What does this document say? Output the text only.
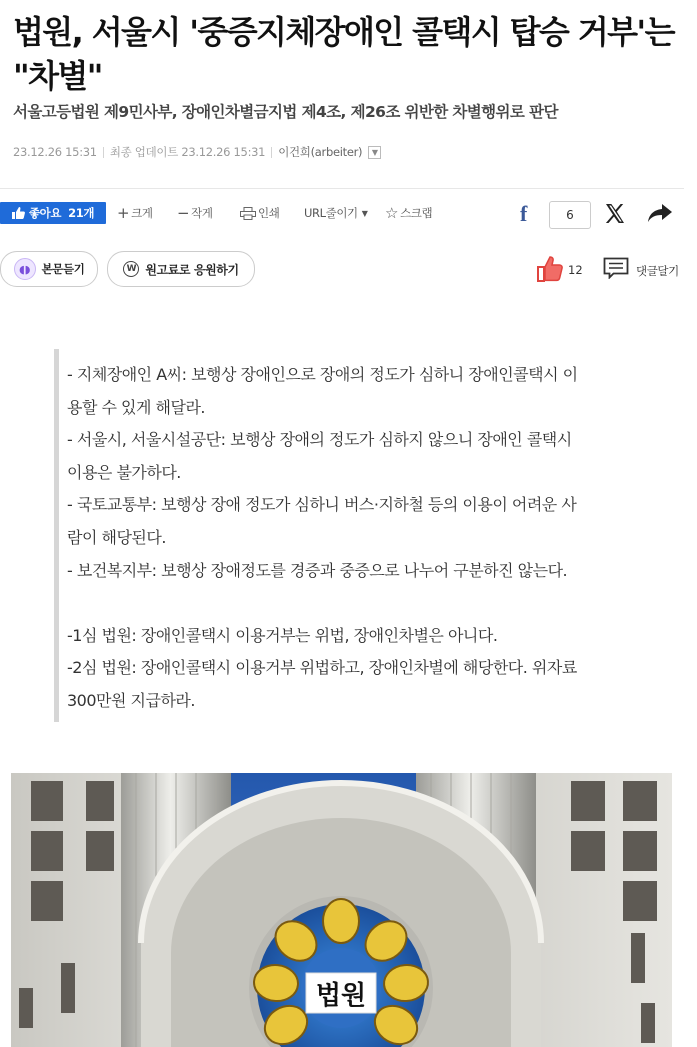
법원, 서울시 '중증지체장애인 콜택시 탑승 거부'는
"차별"
서울고등법원 제9민사부, 장애인차별금지법 제4조, 제26조 위반한 차별행위로 판단
23.12.26 15:31 최종 업데이트 23.12.26 15:31 이건희(arbeiter)	▼
좋아요 21개 + 크게 − 작게	인쇄 URL줄이기 ▼ ☆ 스크랩	f	6
◖◗	본문듣기	W 원고료로 응원하기	12	댓글달기
- 지체장애인 A씨: 보행상 장애인으로 장애의 정도가 심하니 장애인콜택시 이
용할 수 있게 해달라.
- 서울시, 서울시설공단: 보행상 장애의 정도가 심하지 않으니 장애인 콜택시
이용은 불가하다.
- 국토교통부: 보행상 장애 정도가 심하니 버스·지하철 등의 이용이 어려운 사
람이 해당된다.
- 보건복지부: 보행상 장애정도를 경증과 중증으로 나누어 구분하진 않는다.
-1심 법원: 장애인콜택시 이용거부는 위법, 장애인차별은 아니다.
-2심 법원: 장애인콜택시 이용거부 위법하고, 장애인차별에 해당한다. 위자료
300만원 지급하라.
법원
